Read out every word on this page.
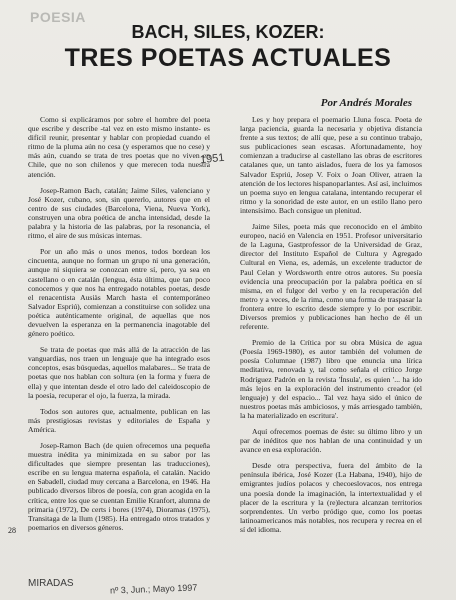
POESIA
BACH, SILES, KOZER:
TRES POETAS ACTUALES
Por Andrés Morales

Como si explicáramos por sobre el hombre del poeta que escribe y describe -tal vez en esto mismo instante- es difícil reunir, presentar y hablar con propiedad cuando el ritmo de la pluma aún no cesa (y esperamos que no cese) y más aún, cuando se trata de tres poetas que no viven en Chile, que no son chilenos y que merecen toda nuestra atención.

Josep-Ramon Bach, catalán; Jaime Siles, valenciano y José Kozer, cubano, son, sin quererlo, autores que en el centro de sus ciudades (Barcelona, Viena, Nueva York), construyen una obra poética de ancha intensidad, desde la palabra y la historia de las palabras, por la resonancia, el ritmo, el aire de sus músicas internas.

Por un año más o unos menos, todos bordean los cincuenta, aunque no forman un grupo ni una generación, aunque ni siquiera se conozcan entre sí, pero, ya sea en castellano o en catalán (lengua, ésta última, que tan poco conocemos y que nos ha entregado notables poetas, desde el renacentista Ausiàs March hasta el contemporáneo Salvador Espriú), comienzan a constituirse con solidez una poética auténticamente original, de aquellas que nos devuelven la esperanza en la permanencia inagotable del género poético.

Se trata de poetas que más allá de la atracción de las vanguardias, nos traen un lenguaje que ha integrado esos conceptos, esas búsquedas, aquellos malabares... Se trata de poetas que nos hablan con soltura (en la forma y fuera de ella) y que intentan desde el otro lado del caleidoscopio de la poesía, recuperar el ojo, la fuerza, la mirada.

Todos son autores que, actualmente, publican en las más prestigiosas revistas y editoriales de España y América.

Josep-Ramon Bach (de quien ofrecemos una pequeña muestra inédita ya minimizada en su sabor por las dificultades que siempre presentan las traducciones), escribe en su lengua materna española, el catalán. Nacido en Sabadell, ciudad muy cercana a Barcelona, en 1946. Ha publicado diversos libros de poesía, con gran acogida en la crítica, entre los que se cuentan Emilie Kranfort, alumna de primaria (1972), De certs i bores (1974), Dioramas (1975), Transitaga de la llum (1985). Ha entregado otros tratados y poemarios en diversos géneros.

Les y hoy prepara el poemario Lluna fosca. Poeta de larga paciencia, guarda la necesaria y objetiva distancia frente a sus textos; de allí que, pese a su continuo trabajo, sus publicaciones sean escasas. Afortunadamente, hoy comienzan a traducirse al castellano las obras de escritores catalanes que, un tanto aislados, fuera de los ya famosos Salvador Espriú, Josep V. Foix o Joan Oliver, atraen la atención de los lectores hispanoparlantes. Así así, incluimos un poema suyo en lengua catalana, intentando recuperar el ritmo y la sonoridad de este autor, en un estilo llano pero intensísimo. Bach consigue un plenitud.

Jaime Siles, poeta más que reconocido en el ámbito europeo, nació en Valencia en 1951. Profesor universitario de la Laguna, Gastprofessor de la Universidad de Graz, director del Instituto Español de Cultura y Agregado Cultural en Viena, es, además, un excelente traductor de Paul Celan y Wordsworth entre otros autores. Su poesía evidencia una preocupación por la palabra poética en sí misma, en el fulgor del verbo y en la recuperación del metro y a veces, de la rima, como una forma de traspasar la frontera entre lo escrito desde siempre y lo por escribir. Diversos premios y publicaciones han hecho de él un referente.

Premio de la Crítica por su obra Música de agua (Poesía 1969-1980), es autor también del volumen de poesía Columnae (1987) libro que enuncia una lírica meditativa, renovada y, tal como señala el crítico Jorge Rodríguez Padrón en la revista 'Ínsula', es quien '... ha ido más lejos en la exploración del instrumento creador (el lenguaje) y del espacio... Tal vez haya sido el único de nuestros poetas más ambiciosos, y más arriesgado también, la ha materializado en escritura'.

Aquí ofrecemos poemas de éste: su último libro y un par de inéditos que nos hablan de una continuidad y un avance en esa exploración.

Desde otra perspectiva, fuera del ámbito de la península ibérica, José Kozer (La Habana, 1940), hijo de emigrantes judíos polacos y checoeslovacos, nos entrega una poesía donde la imaginación, la intertextualidad y el placer de la escritura y la (re)lectura alcanzan territorios sorprendentes. Un verbo pródigo que, como los poetas latinoamericanos más notables, nos recupera y recrea en el sí del idioma.

1951
28
MIRADAS	nº 3, Jun.; Mayo 1997
